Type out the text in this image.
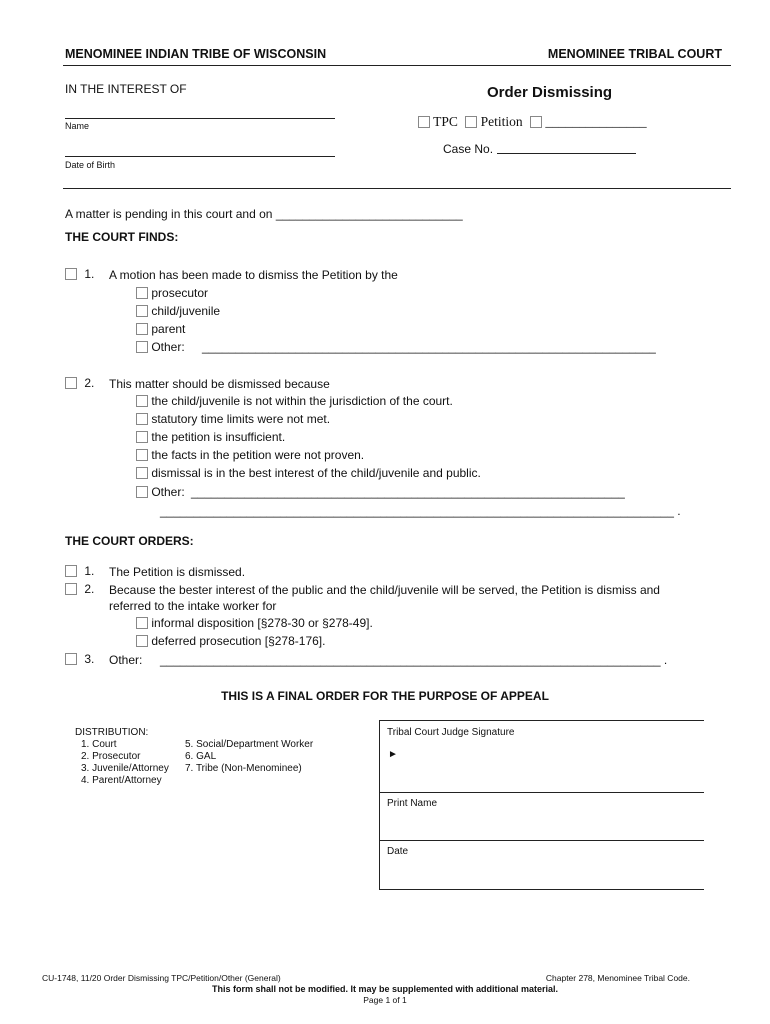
MENOMINEE INDIAN TRIBE OF WISCONSIN	MENOMINEE TRIBAL COURT
IN THE INTEREST OF
Name
Date of Birth
Order Dismissing
TPC Petition _______________
Case No.
A matter is pending in this court and on ____________________________
THE COURT FINDS:
1. A motion has been made to dismiss the Petition by the
prosecutor
child/juvenile
parent
Other: ____________________________________________________________________
2. This matter should be dismissed because
the child/juvenile is not within the jurisdiction of the court.
statutory time limits were not met.
the petition is insufficient.
the facts in the petition were not proven.
dismissal is in the best interest of the child/juvenile and public.
Other: _________________________________________________________________
_____________________________________________________________________________ .
THE COURT ORDERS:
1. The Petition is dismissed.
2. Because the bester interest of the public and the child/juvenile will be served, the Petition is dismiss and
referred to the intake worker for
informal disposition [§278-30 or §278-49].
deferred prosecution [§278-176].
3. Other: ___________________________________________________________________________ .
THIS IS A FINAL ORDER FOR THE PURPOSE OF APPEAL
DISTRIBUTION:
1. Court
2. Prosecutor
3. Juvenile/Attorney
4. Parent/Attorney
5. Social/Department Worker
6. GAL
7. Tribe (Non-Menominee)
Tribal Court Judge Signature
►
Print Name
Date
CU-1748, 11/20 Order Dismissing TPC/Petition/Other (General)	Chapter 278, Menominee Tribal Code.
This form shall not be modified. It may be supplemented with additional material.
Page 1 of 1
